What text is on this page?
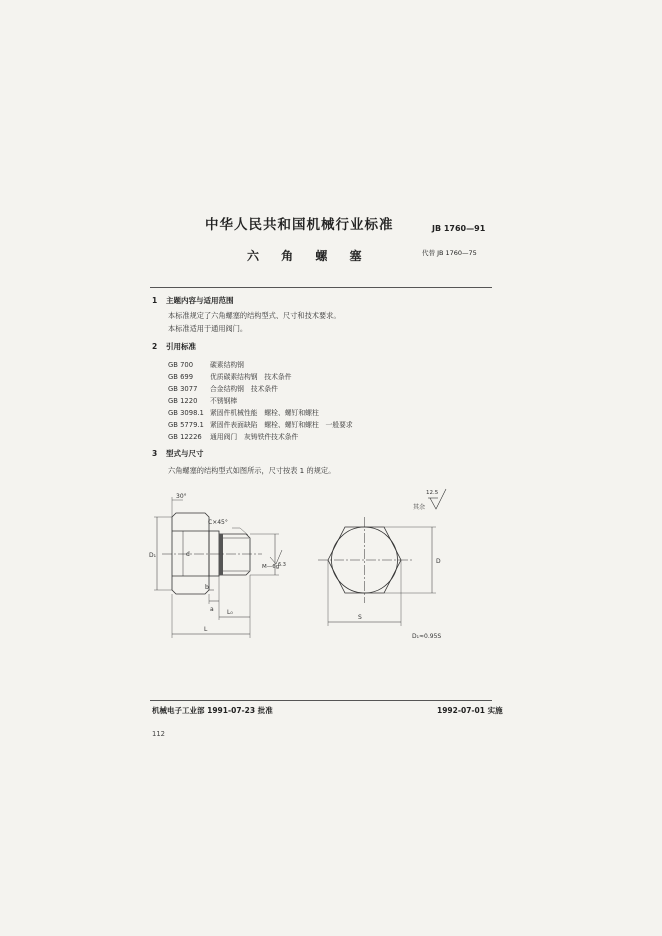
中华人民共和国机械行业标准	JB 1760—91
六 角 螺 塞	代替 JB 1760—75
1 主题内容与适用范围
本标准规定了六角螺塞的结构型式、尺寸和技术要求。
本标准适用于通用阀门。
2 引用标准
GB 700 碳素结构钢
GB 699 优质碳素结构钢　技术条件
GB 3077 合金结构钢　技术条件
GB 1220 不锈钢棒
GB 3098.1 紧固件机械性能　螺栓、螺钉和螺柱
GB 5779.1 紧固件表面缺陷　螺栓、螺钉和螺柱　一般要求
GB 12226 通用阀门　灰铸铁件技术条件
3 型式与尺寸
六角螺塞的结构型式如图所示，尺寸按表 1 的规定。
30°
C×45°
D₁	d
M—6g
6.3
b
a L₀
L
其余
12.5
S
D
D₁≈0.95S
机械电子工业部 1991-07-23 批准	1992-07-01 实施
112
